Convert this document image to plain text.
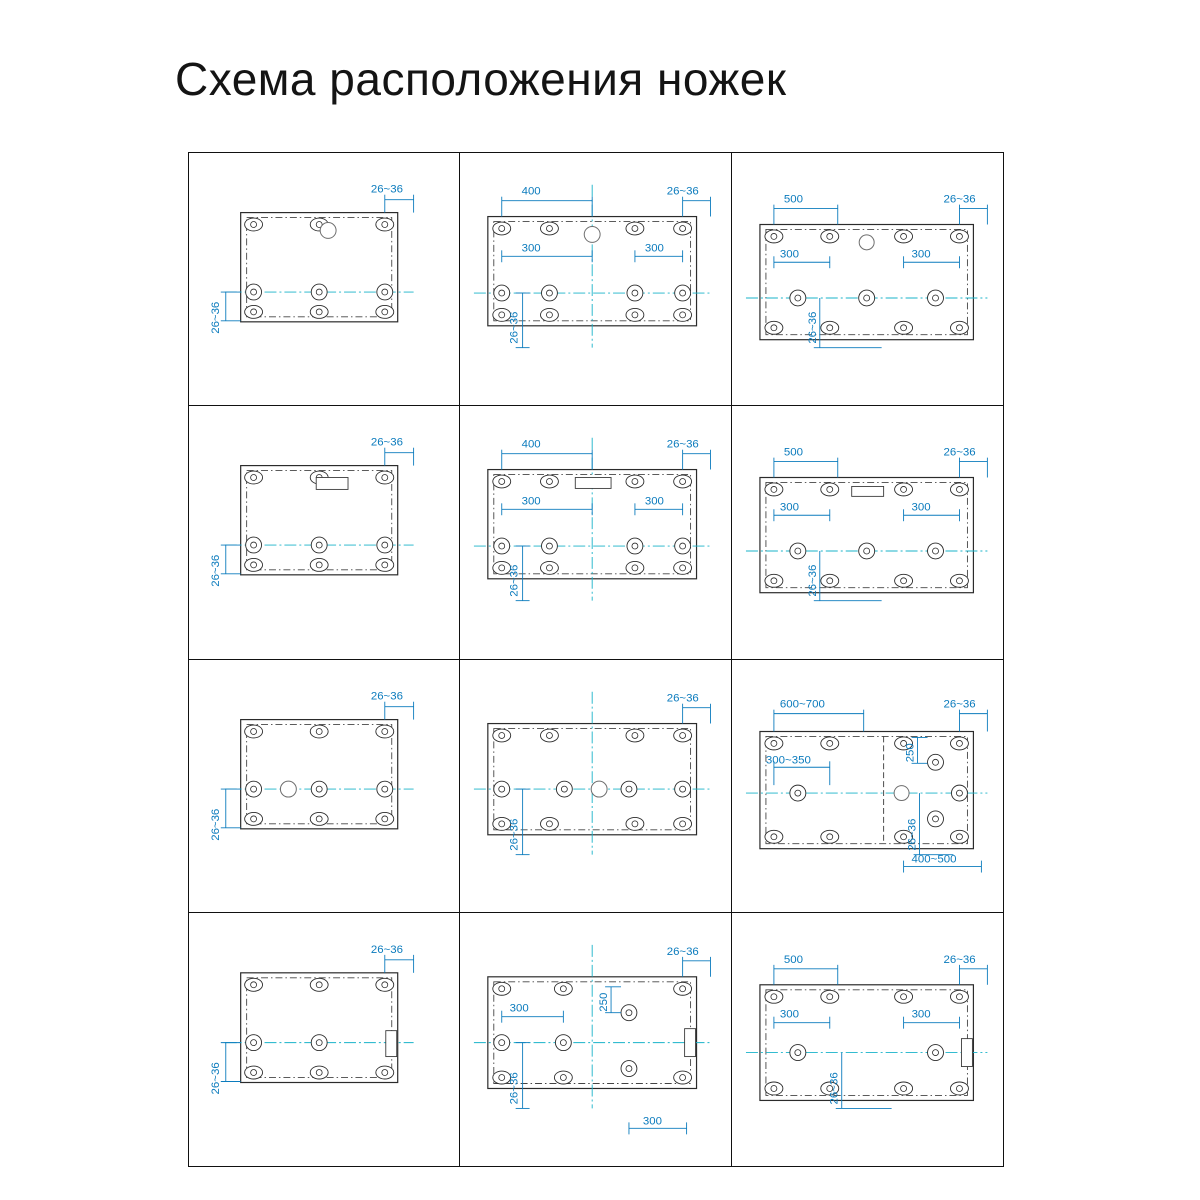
Схема расположения ножек
26~36
26~36
400	26~36
300	300
26~36
500	26~36
300	300
26~36
26~36
26~36
400	26~36
300	300
26~36
500	26~36
300	300
26~36
26~36
26~36
26~36
26~36
600~700	26~36
300~350	250
26~36
400~500
26~36
26~36
26~36
250
300
26~36
300
500	26~36
300	300
26~36
